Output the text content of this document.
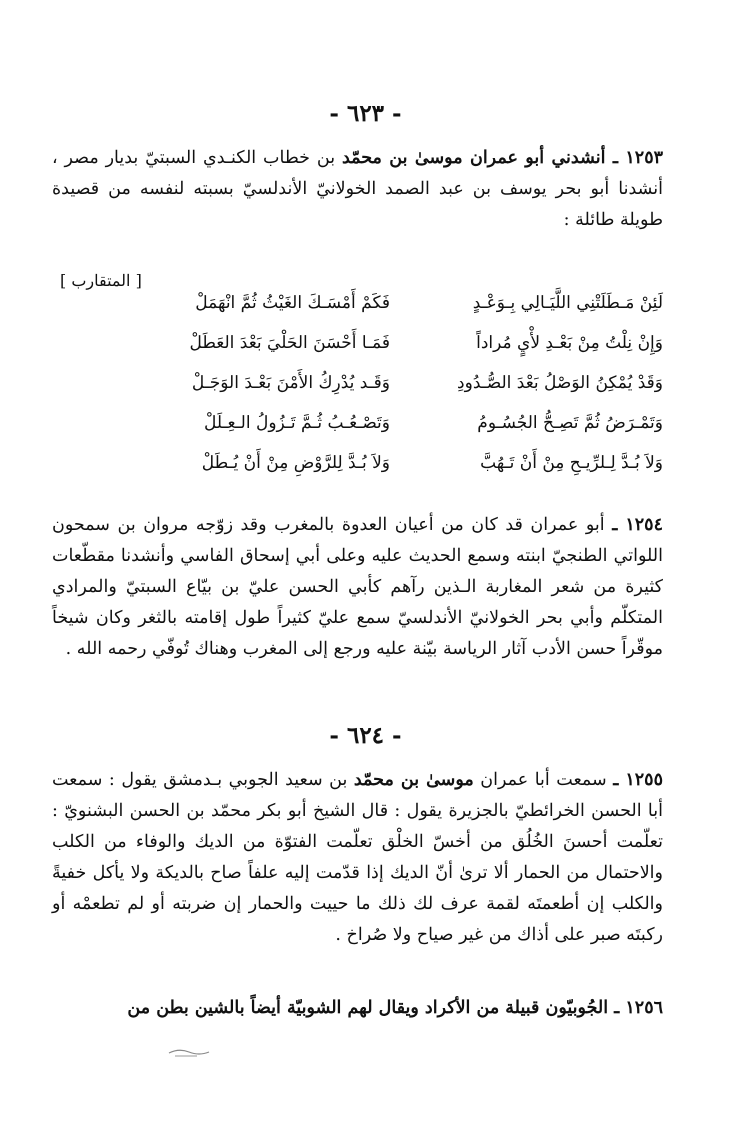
- ٦٢٣ -
١٢٥٣ ـ أنشدني أبو عمران موسىٰ بن محمّد بن خطاب الكنـدي السبتيّ بديار مصر ، أنشدنا أبو بحر يوسف بن عبد الصمد الخولانيّ الأندلسيّ بسبته لنفسه من قصيدة طويلة طائلة :
[ المتقارب ]
لَئِنْ مَـطَلَتْنِي اللَّيَـالِي بِـوَعْـدٍ
فَكَمْ أَمْسَـكَ الغَيْثُ ثُمَّ انْهَمَلْ
وَإِنْ نِلْتُ مِنْ بَعْـدِ لأْيٍ مُراداً
فَمَـا أَحْسَنَ الحَلْيَ بَعْدَ العَطَلْ
وَقَدْ يُمْكِنُ الوَصْلُ بَعْدَ الصُّـدُودِ
وَقَـد يُدْرِكُ الأَمْنَ بَعْـدَ الوَجَـلْ
وَتَمْـرَضُ ثُمَّ تَصِـحُّ الجُسُـومُ
وَتَصْـعُـبُ ثُـمَّ تَـزُولُ الـعِـلَلْ
وَلاَ بُـدَّ لِـلرِّيـحِ مِنْ أَنْ تَـهُبَّ
وَلاَ بُـدَّ لِلرَّوْضِ مِنْ أَنْ يُـطَلْ
١٢٥٤ ـ أبو عمران قد كان من أعيان العدوة بالمغرب وقد زوّجه مروان بن سمحون اللواتي الطنجيّ ابنته وسمع الحديث عليه وعلى أبي إسحاق الفاسي وأنشدنا مقطّعات كثيرة من شعر المغاربة الـذين رآهم كأبي الحسن عليّ بن بيّاع السبتيّ والمرادي المتكلّم وأبي بحر الخولانيّ الأندلسيّ سمع عليّ كثيراً طول إقامته بالثغر وكان شيخاً موقّراً حسن الأدب آثار الرياسة بيّنة عليه ورجع إلى المغرب وهناك تُوفّي رحمه الله .
- ٦٢٤ -
١٢٥٥ ـ سمعت أبا عمران موسىٰ بن محمّد بن سعيد الجوبي بـدمشق يقول : سمعت أبا الحسن الخرائطيّ بالجزيرة يقول : قال الشيخ أبو بكر محمّد بن الحسن البشنويّ : تعلّمت أحسنَ الخُلُق من أخسّ الخلْق تعلّمت الفتوّة من الديك والوفاء من الكلب والاحتمال من الحمار ألا ترىٰ أنّ الديك إذا قدّمت إليه علفاً صاح بالديكة ولا يأكل خفيةً والكلب إن أطعمتَه لقمة عرف لك ذلك ما حييت والحمار إن ضربته أو لم تطعمْه أو ركبتَه صبر على أذاك من غير صياح ولا صُراخ .
١٢٥٦ ـ الجُوبيّون قبيلة من الأكراد ويقال لهم الشوبيّة أيضاً بالشين بطن من
